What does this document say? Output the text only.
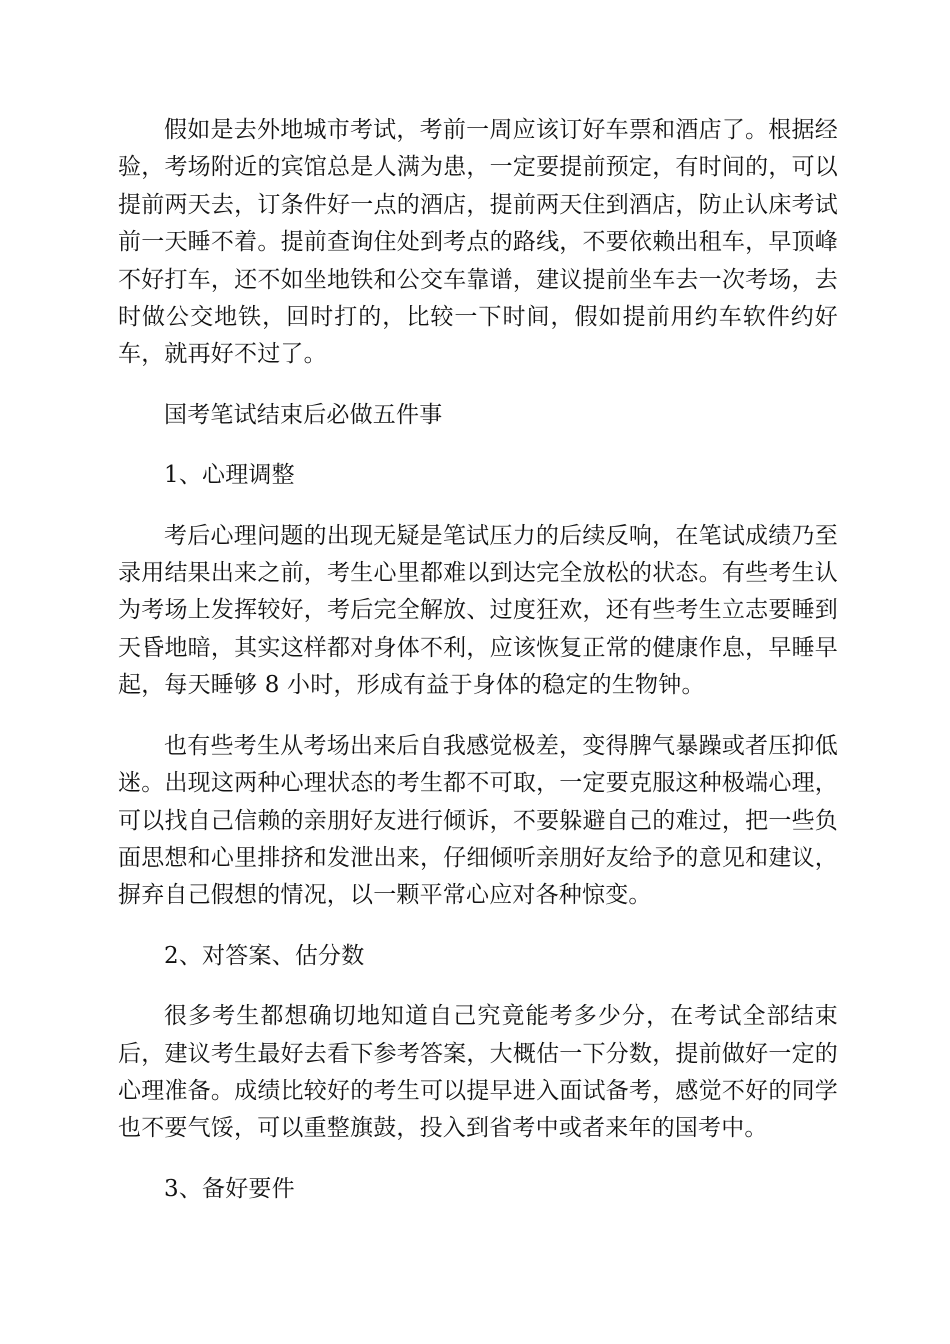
假如是去外地城市考试，考前一周应该订好车票和酒店了。根据经验，考场附近的宾馆总是人满为患，一定要提前预定，有时间的，可以提前两天去，订条件好一点的酒店，提前两天住到酒店，防止认床考试前一天睡不着。提前查询住处到考点的路线，不要依赖出租车，早顶峰不好打车，还不如坐地铁和公交车靠谱，建议提前坐车去一次考场，去时做公交地铁，回时打的，比较一下时间，假如提前用约车软件约好车，就再好不过了。

国考笔试结束后必做五件事

1、心理调整

考后心理问题的出现无疑是笔试压力的后续反响，在笔试成绩乃至录用结果出来之前，考生心里都难以到达完全放松的状态。有些考生认为考场上发挥较好，考后完全解放、过度狂欢，还有些考生立志要睡到天昏地暗，其实这样都对身体不利，应该恢复正常的健康作息，早睡早起，每天睡够 8 小时，形成有益于身体的稳定的生物钟。

也有些考生从考场出来后自我感觉极差，变得脾气暴躁或者压抑低迷。出现这两种心理状态的考生都不可取，一定要克服这种极端心理，可以找自己信赖的亲朋好友进行倾诉，不要躲避自己的难过，把一些负面思想和心里排挤和发泄出来，仔细倾听亲朋好友给予的意见和建议，摒弃自己假想的情况，以一颗平常心应对各种惊变。

2、对答案、估分数

很多考生都想确切地知道自己究竟能考多少分，在考试全部结束后，建议考生最好去看下参考答案，大概估一下分数，提前做好一定的心理准备。成绩比较好的考生可以提早进入面试备考，感觉不好的同学也不要气馁，可以重整旗鼓，投入到省考中或者来年的国考中。

3、备好要件
